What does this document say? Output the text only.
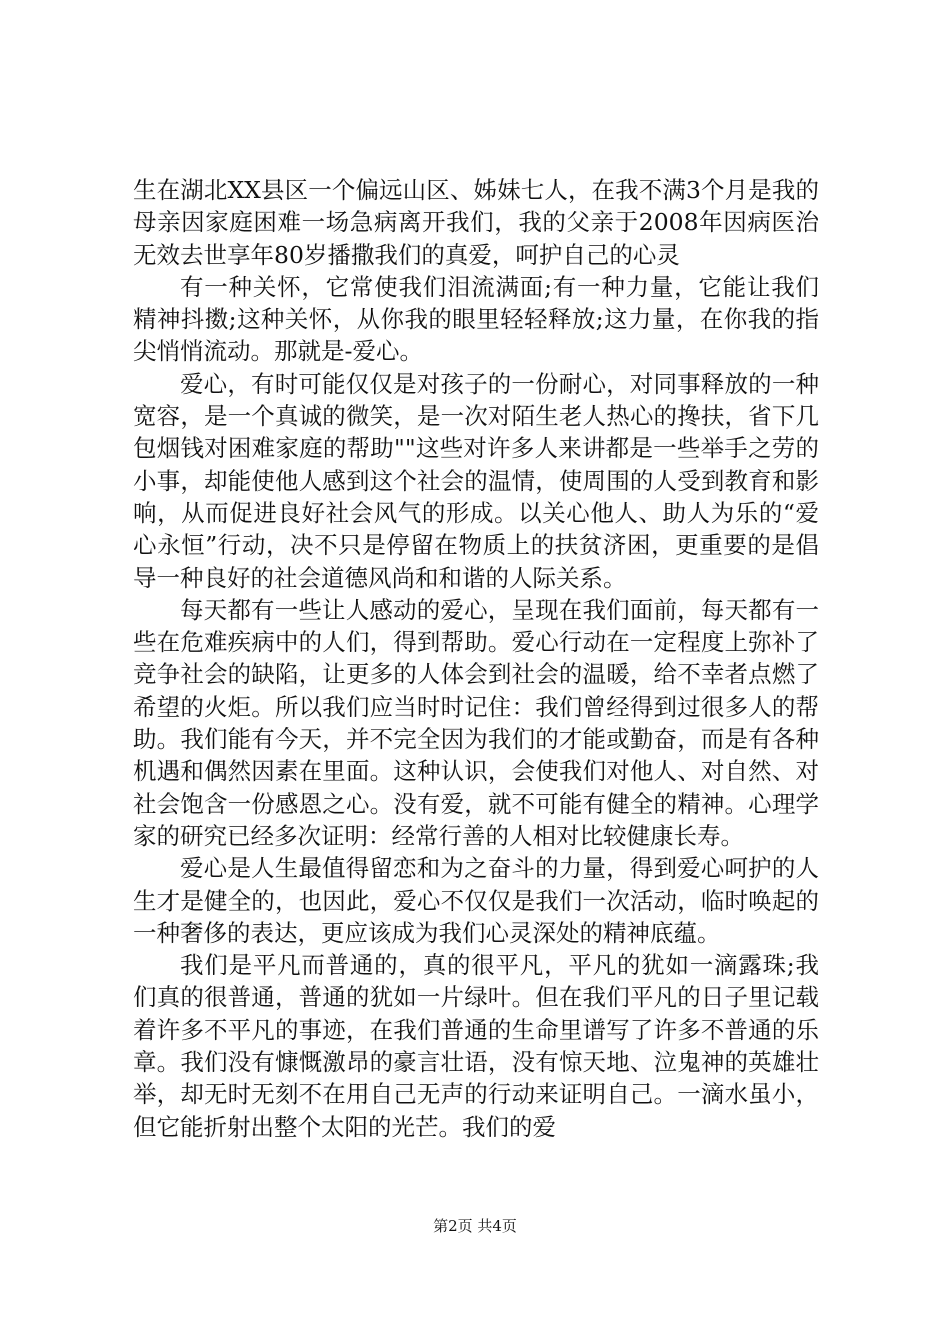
生在湖北XX县区一个偏远山区、姊妹七人，在我不满3个月是我的母亲因家庭困难一场急病离开我们，我的父亲于2008年因病医治无效去世享年80岁播撒我们的真爱，呵护自己的心灵

有一种关怀，它常使我们泪流满面;有一种力量，它能让我们精神抖擞;这种关怀，从你我的眼里轻轻释放;这力量，在你我的指尖悄悄流动。那就是-爱心。

爱心，有时可能仅仅是对孩子的一份耐心，对同事释放的一种宽容，是一个真诚的微笑，是一次对陌生老人热心的搀扶，省下几包烟钱对困难家庭的帮助""这些对许多人来讲都是一些举手之劳的小事，却能使他人感到这个社会的温情，使周围的人受到教育和影响，从而促进良好社会风气的形成。以关心他人、助人为乐的“爱心永恒”行动，决不只是停留在物质上的扶贫济困，更重要的是倡导一种良好的社会道德风尚和和谐的人际关系。

每天都有一些让人感动的爱心，呈现在我们面前，每天都有一些在危难疾病中的人们，得到帮助。爱心行动在一定程度上弥补了竞争社会的缺陷，让更多的人体会到社会的温暖，给不幸者点燃了希望的火炬。所以我们应当时时记住：我们曾经得到过很多人的帮助。我们能有今天，并不完全因为我们的才能或勤奋，而是有各种机遇和偶然因素在里面。这种认识，会使我们对他人、对自然、对社会饱含一份感恩之心。没有爱，就不可能有健全的精神。心理学家的研究已经多次证明：经常行善的人相对比较健康长寿。

爱心是人生最值得留恋和为之奋斗的力量，得到爱心呵护的人生才是健全的，也因此，爱心不仅仅是我们一次活动，临时唤起的一种奢侈的表达，更应该成为我们心灵深处的精神底蕴。

我们是平凡而普通的，真的很平凡，平凡的犹如一滴露珠;我们真的很普通，普通的犹如一片绿叶。但在我们平凡的日子里记载着许多不平凡的事迹，在我们普通的生命里谱写了许多不普通的乐章。我们没有慷慨激昂的豪言壮语，没有惊天地、泣鬼神的英雄壮举，却无时无刻不在用自己无声的行动来证明自己。一滴水虽小，但它能折射出整个太阳的光芒。我们的爱

第2页 共4页
